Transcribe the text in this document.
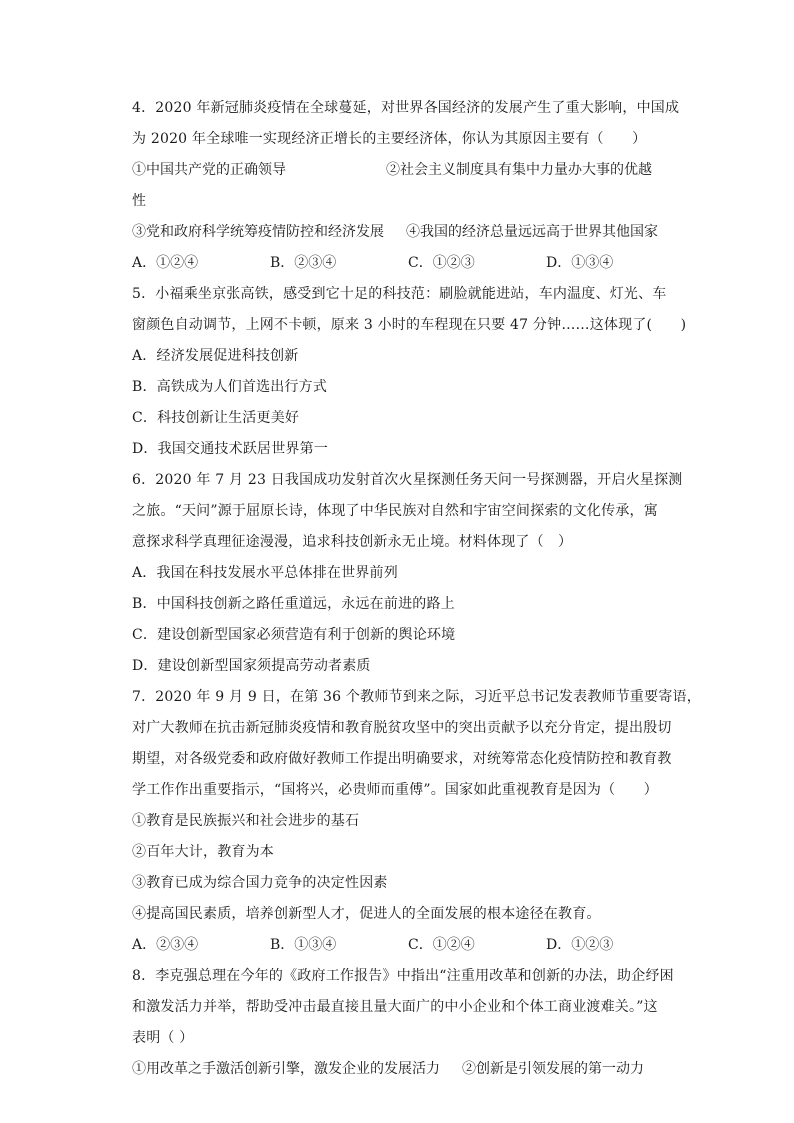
4．2020 年新冠肺炎疫情在全球蔓延，对世界各国经济的发展产生了重大影响，中国成
为 2020 年全球唯一实现经济正增长的主要经济体，你认为其原因主要有（　　）
①中国共产党的正确领导	②社会主义制度具有集中力量办大事的优越
性
③党和政府科学统筹疫情防控和经济发展 ④我国的经济总量远远高于世界其他国家
A．①②④	B．②③④	C．①②③	D．①③④
5．小福乘坐京张高铁，感受到它十足的科技范：刷脸就能进站，车内温度、灯光、车
窗颜色自动调节，上网不卡顿，原来 3 小时的车程现在只要 47 分钟……这体现了(　　)
A．经济发展促进科技创新
B．高铁成为人们首选出行方式
C．科技创新让生活更美好
D．我国交通技术跃居世界第一
6．2020 年 7 月 23 日我国成功发射首次火星探测任务天问一号探测器，开启火星探测
之旅。“天问”源于屈原长诗，体现了中华民族对自然和宇宙空间探索的文化传承，寓
意探求科学真理征途漫漫，追求科技创新永无止境。材料体现了（　）
A．我国在科技发展水平总体排在世界前列
B．中国科技创新之路任重道远，永远在前进的路上
C．建设创新型国家必须营造有利于创新的舆论环境
D．建设创新型国家须提高劳动者素质
7．2020 年 9 月 9 日，在第 36 个教师节到来之际，习近平总书记发表教师节重要寄语，
对广大教师在抗击新冠肺炎疫情和教育脱贫攻坚中的突出贡献予以充分肯定，提出殷切
期望，对各级党委和政府做好教师工作提出明确要求，对统筹常态化疫情防控和教育教
学工作作出重要指示，“国将兴，必贵师而重傅”。国家如此重视教育是因为（　　）
①教育是民族振兴和社会进步的基石
②百年大计，教育为本
③教育已成为综合国力竞争的决定性因素
④提高国民素质，培养创新型人才，促进人的全面发展的根本途径在教育。
A．②③④	B．①③④	C．①②④	D．①②③
8．李克强总理在今年的《政府工作报告》中指出“注重用改革和创新的办法，助企纾困
和激发活力并举，帮助受冲击最直接且量大面广的中小企业和个体工商业渡难关。”这
表明（ ）
①用改革之手激活创新引擎，激发企业的发展活力 ②创新是引领发展的第一动力
